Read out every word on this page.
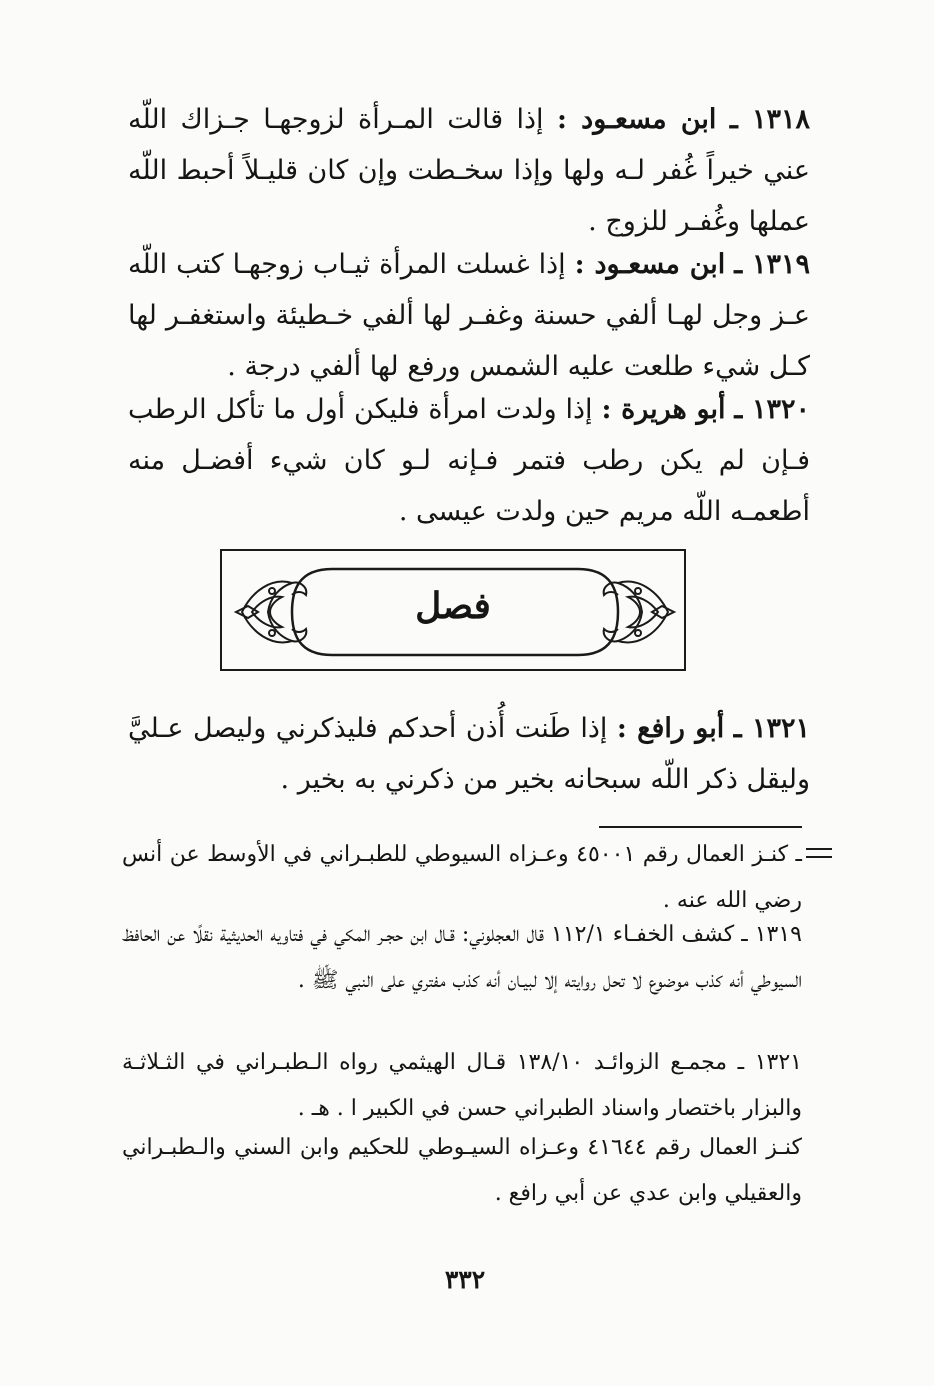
١٣١٨ ـ ابن مسعـود : إذا قالت المـرأة لزوجهـا جـزاك اللّه عني خيراً غُفر لـه ولها وإذا سخـطت وإن كان قليـلاً أحبط اللّه عملها وغُفـر للزوج .
١٣١٩ ـ ابن مسعـود : إذا غسلت المرأة ثيـاب زوجهـا كتب اللّه عـز وجل لهـا ألفي حسنة وغفـر لها ألفي خـطيئة واستغفـر لها كـل شيء طلعت عليه الشمس ورفع لها ألفي درجة .
١٣٢٠ ـ أبو هريرة : إذا ولدت امرأة فليكن أول ما تأكل الرطب فـإن لم يكن رطب فتمر فـإنه لـو كان شيء أفضـل منه أطعمـه اللّه مريم حين ولدت عيسى .
فصل
١٣٢١ ـ أبو رافع : إذا طَنت أُذن أحدكم فليذكرني وليصل عـليَّ وليقل ذكر اللّه سبحانه بخير من ذكرني به بخير .
ـ كنـز العمال رقم ٤٥٠٠١ وعـزاه السيوطي للطبـراني في الأوسط عن أنس رضي الله عنه .
١٣١٩ ـ كشف الخفـاء ١١٢/١ قال العجلوني: قـال ابن حجـر المكي في فتاويه الحديثية نقلًا عن الحافظ السيوطي أنه كذب موضوع لا تحل روايته إلا لبيـان أنه كذب مفتري على النبي ﷺ .
١٣٢١ ـ مجمـع الزوائـد ١٣٨/١٠ قـال الهيثمي رواه الـطبـراني في الثـلاثـة والبزار باختصار واسناد الطبراني حسن في الكبير ا . هـ .
كنـز العمال رقم ٤١٦٤٤ وعـزاه السيـوطي للحكيم وابن السني والـطبـراني والعقيلي وابن عدي عن أبي رافع .
٣٣٢
